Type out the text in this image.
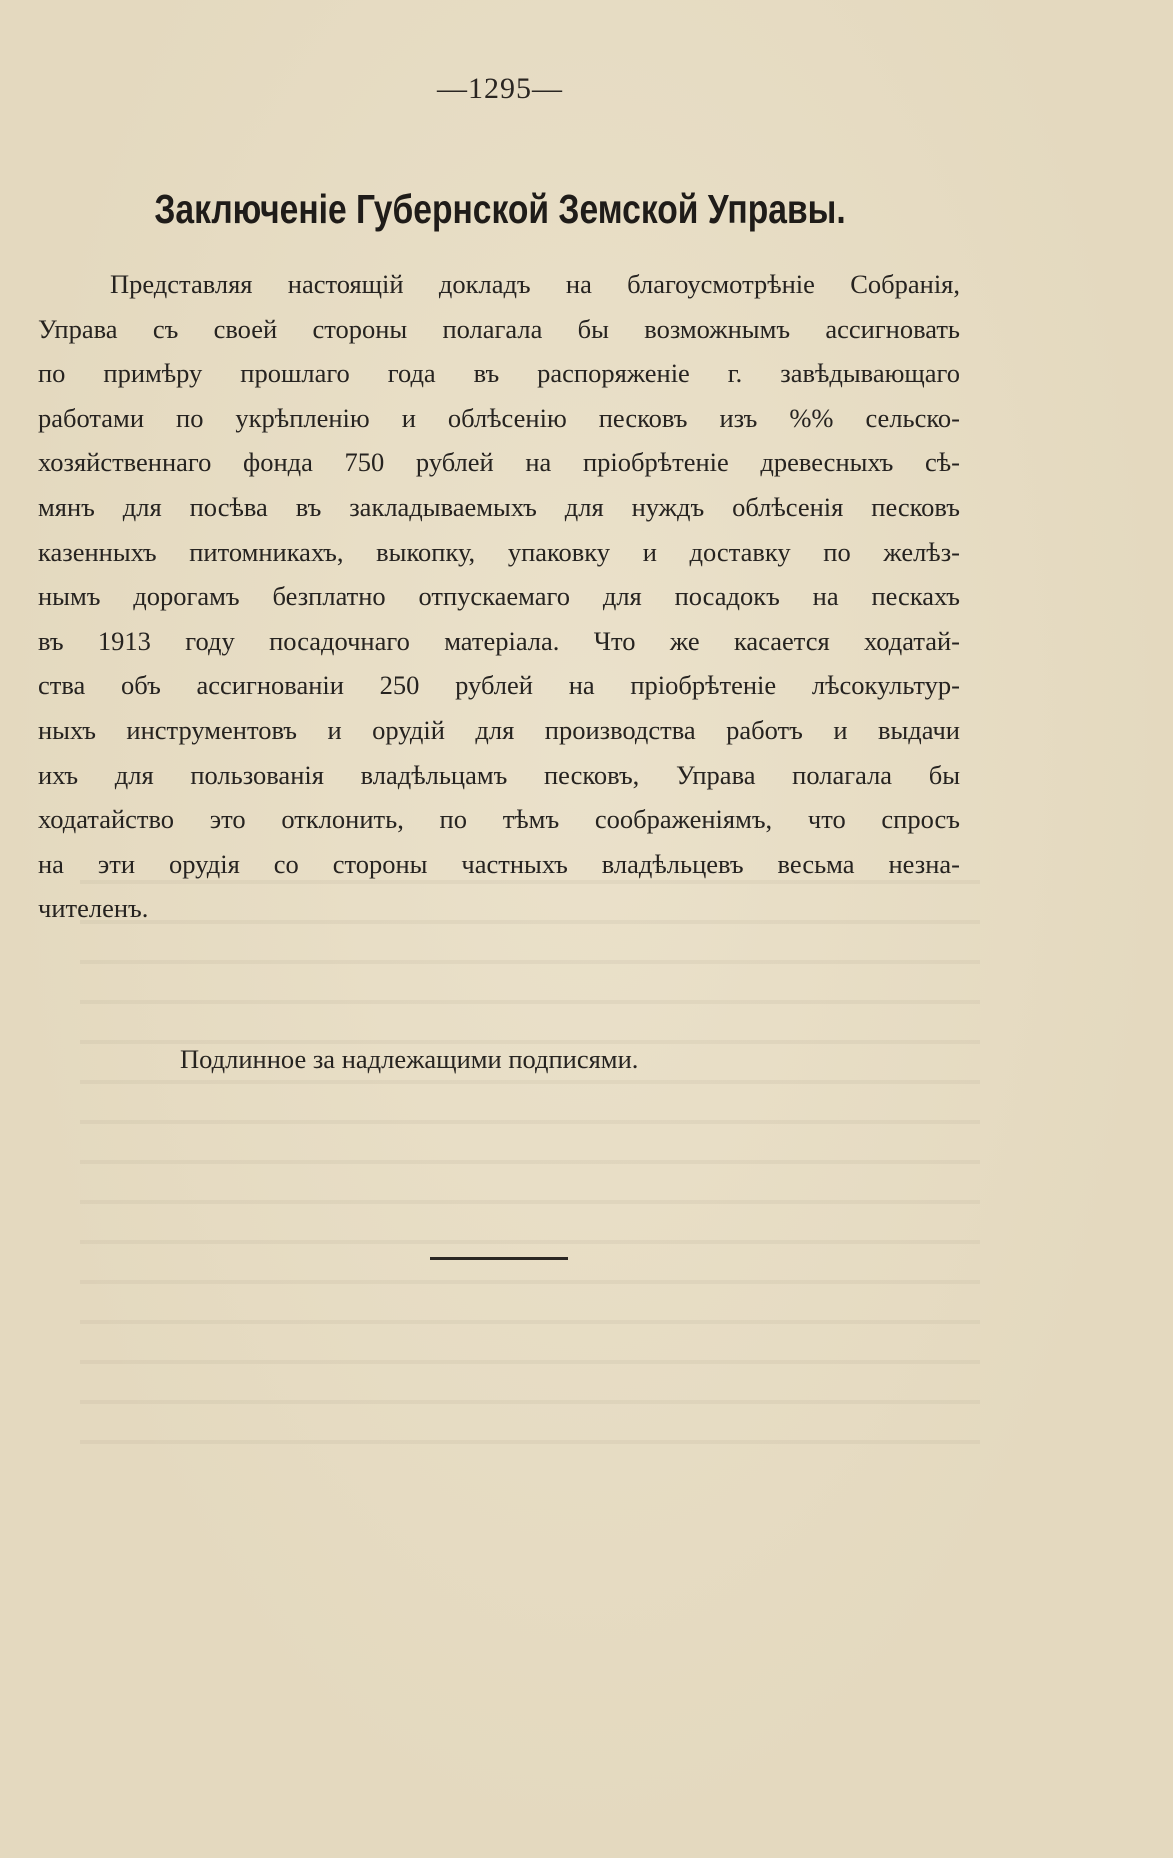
—1295—
Заключенiе Губернской Земской Управы.
Представляя настоящiй докладъ на благоусмотрѣнiе Собранiя,
Управа съ своей стороны полагала бы возможнымъ ассигновать
по примѣру прошлаго года въ распоряженiе г. завѣдывающаго
работами по укрѣпленiю и облѣсенiю песковъ изъ %% сельско-
хозяйственнаго фонда 750 рублей на прiобрѣтенiе древесныхъ сѣ-
мянъ для посѣва въ закладываемыхъ для нуждъ облѣсенiя песковъ
казенныхъ питомникахъ, выкопку, упаковку и доставку по желѣз-
нымъ дорогамъ безплатно отпускаемаго для посадокъ на пескахъ
въ 1913 году посадочнаго матерiала. Что же касается ходатай-
ства объ ассигнованiи 250 рублей на прiобрѣтенiе лѣсокультур-
ныхъ инструментовъ и орудiй для производства работъ и выдачи
ихъ для пользованiя владѣльцамъ песковъ, Управа полагала бы
ходатайство это отклонить, по тѣмъ соображенiямъ, что спросъ
на эти орудiя со стороны частныхъ владѣльцевъ весьма незна-
чителенъ.
Подлинное за надлежащими подписями.
